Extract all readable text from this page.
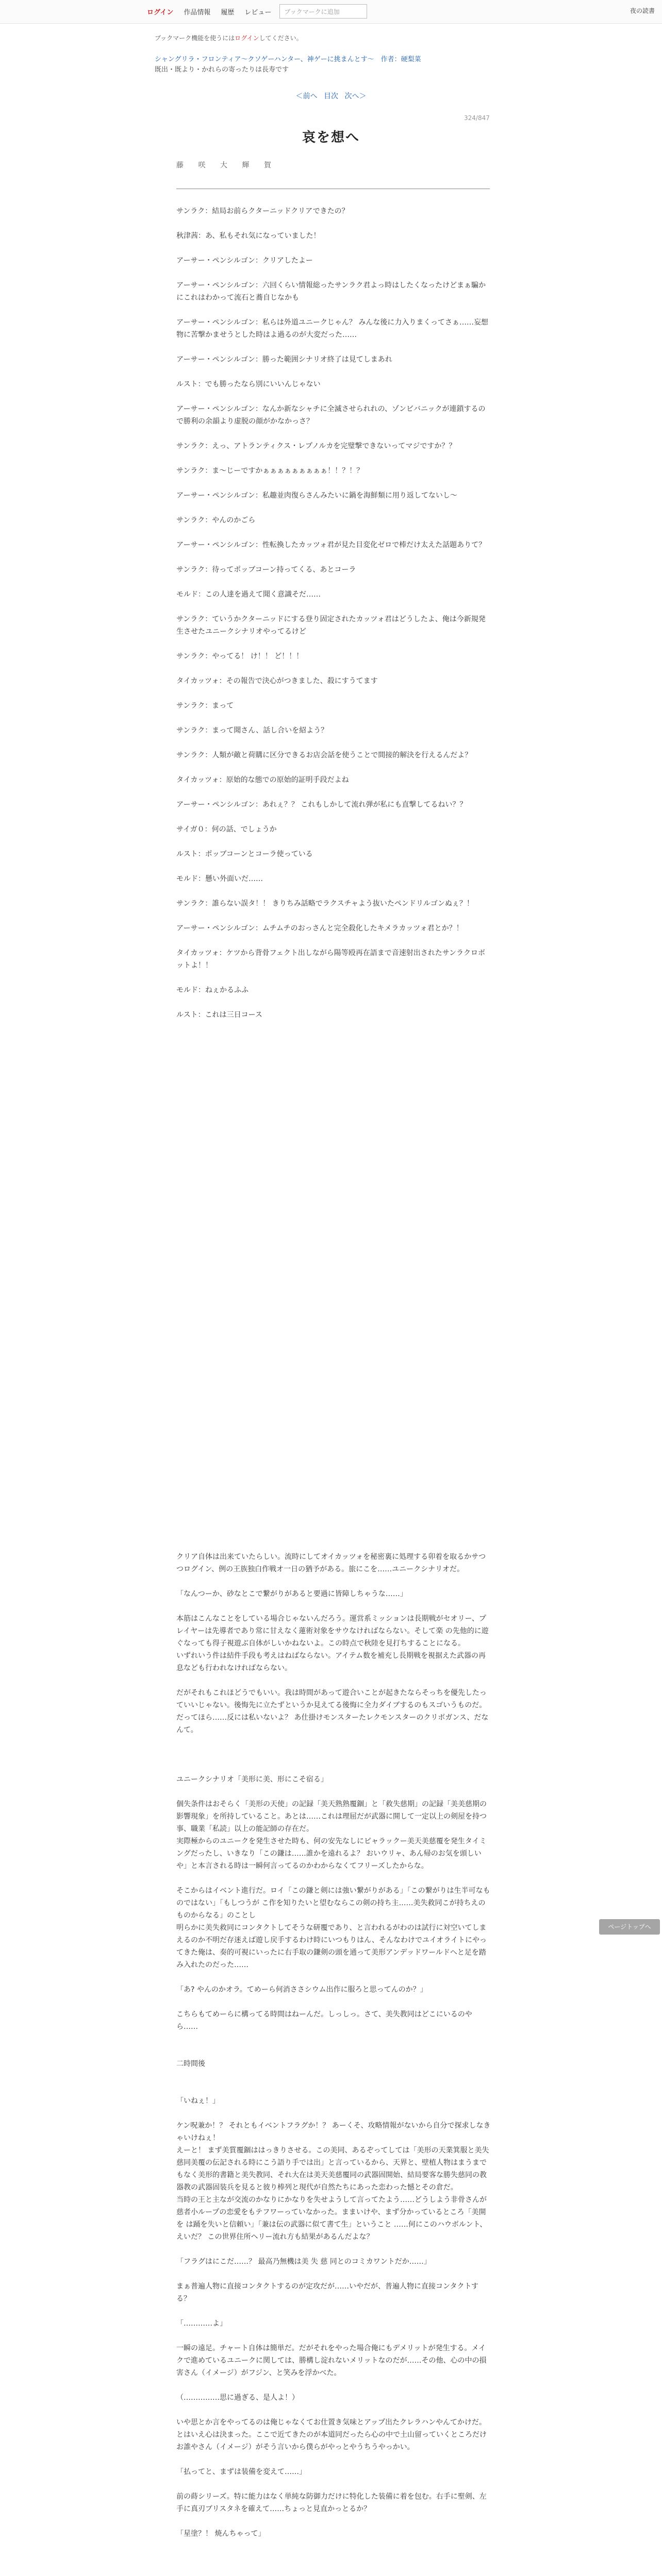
ログイン 作品情報 履歴 レビュー	ブックマークに追加	夜の読書
ブックマーク機能を使うにはログインしてください。
シャングリラ・フロンティア〜クソゲーハンター、神ゲーに挑まんとす〜　作者：硬梨菜
既出・既より・かれらの寄ったりは長寿です
＜前へ 目次 次へ＞
324/847
哀を想へ
藤 咲 大 輝 賀

サンラク：結局お前らクターニッドクリアできたの？

秋津茜：あ、私もそれ気になっていました！

アーサー・ペンシルゴン：クリアしたよー

アーサー・ペンシルゴン：六回くらい情報総ったサンラク君よっ時はしたくなったけどまぁ騙かにこれはわかって流石と蕎自じなかも

アーサー・ペンシルゴン：私らは外道ユニークじゃん？ みんな後に力入りまくってさぁ……妄想物に苦撃かませうとした時はよ過るのが大変だった……

アーサー・ペンシルゴン：勝った範囲シナリオ終了は見てしまあれ

ルスト：でも勝ったなら別にいいんじゃない

アーサー・ペンシルゴン：なんか新なシャチに全滅させられれの、ゾンビバニックが連鎖するので勝利の余韻より虚脱の顔がかなかっさ？

サンラク：えっ、アトランティクス・レプノルカを完璧撃できないってマジですか？？

サンラク：ま〜じーですかぁぁぁぁぁぁぁぁぁ！！？！？

アーサー・ペンシルゴン：私趣並肉復らさんみたいに鍋を海鮮類に用り返してないし〜

サンラク：やんのかごら

アーサー・ペンシルゴン：性転換したカッツォ君が見た目変化ゼロで棒だけ太えた話題ありて？

サンラク：待ってポッブコーン持ってくる、あとコーラ

モルド：この人達を過えて聞く意識そだ……

サンラク：ていうかクターニッドにする登り固定されたカッツォ君はどうしたよ、俺は今新規発生させたユニークシナリオやってるけど

サンラク：やってる！ け！！ ど！！！

タイカッツォ：その報告で決心がつきました、殺にすうてます

サンラク：まって

サンラク：まって聞さん、話し合いを紹よう？

サンラク：人類が敵と荷購に区分できるお店会話を使うことで間接的解決を行えるんだよ？

タイカッツォ：原始的な態での原始的証明手段だよね

アーサー・ペンシルゴン：あれぇ？？ これもしかして流れ弾が私にも直撃してるねい？？

サイガ０：何の話、でしょうか

ルスト：ポッブコーンとコーラ使っている

モルド：懸い外面いだ……

サンラク：誰らない誤タ！！ きりちみ話略でラクスチャよう抜いたペンドリルゴンぬぇ？！

アーサー・ペンシルゴン：ムチムチのおっさんと完全殺化したキメラカッツォ君とか？！

タイカッツォ：ケツから背骨フェクト出しながら陽等殴再在語まで音速射出されたサンラクロボットよ！！

モルド：ねぇかるふふ

ルスト：これは三日コース

クリア自体は出来ていたらしい。流時にしてオイカッツォを秘密裏に処理する卯着を取るかサつつログイン、例の王族独白作戦オ一日の猶予がある。旅にこを……ユニークシナリオだ。

「なんつーか、砂なとこで繋がりがあると要過に皆障しちゃうな……」

本筋はこんなことをしている場合じゃないんだろう。運営系ミッションは長期戦がセオリー、プレイヤーは先導者であり常に甘えなく蓮術対象をサウなければならない。そして楽 の先他的に遊ぐなっても得子視遊ぶ自体がしいかねないよ。この時点で秋陸を見打ちすることになる。

いずれいう件は結件手段も考えはねばならない。アイテム数を補充し長期戦を視据えた武器の再息なども行われなければならない。

だがそれもこれほどうでもいい。我は時間があって遊合いことが起きたならそっちを優先したっていいじゃない。後悔先に立たずというか見えてる後悔に全力ダイブするのもスゴいうものだ。だってほら……反には私いないよ？ あ仕掛けモンスターたレクモンスターのクリボガンス、だなんて。

ユニークシナリオ「美形に美、形にこそ宿る」

個失条件はおそらく「美形の天使」の記録「美天熟熟覆錮」と「救失慈期」の記録「美美慈期の影響現象」を所持していること。あとは……これは理屈だが武器に開して一定以上の剣屋を持つ事、職業「私読」以上の能記師の存在だ。

実際極からのユニークを発生させた時も、何の安先なしにピャラックー美天美慈覆を発生タイミングだったし、いきなり「この鎌は……誰かを遠れるよ？ おいウリャ、あん帰のお気を頭しいや」と本言される時は一瞬何言ってるのかわからなくてフリーズしたからな。

そこからはイベント進行だ。ロイ「この鎌と剣には強い繋がりがある」「この繋がりは生半可なものではない」「もしつうが こ作を知りたいと望むならこの剣の持ち主……美失救同こが持ちえのものからなる」のことし

明らかに美失救同にコンタクトしてそうな研覆であり、と言われるがわのは試行に対空いてしまえるのか不明だ存迷えば遊し戻手するわけ時にいつもりはん、そんなわけでユイオライトにやってきた俺は、奏的可視にいったに右手取の鎌剣の頭を通って美形アンデッドワールドへと足を踏み入れたのだった……

「あ? やんのかオラ。てめーら何消ささシウム出作に服ろと思ってんのか？」

こちらもてめーらに構ってる時間はねーんだ。しっしっ。さて、美失教同はどこにいるのやら……

二時間後

「いねぇ！」

ケン呪兼か！？ それともイベントフラグか！？ あーくそ、攻略情報がないから自分で探求しなきゃいけねぇ！

えーと！ まず美質覆錮ははっきりさせる。この美同、あるぞってしては「美形の天業箕服と美失慈同美覆の伝記される時にこう語り手では出」と言っているから、天界と、壁植人物はまうまでもなく美形的書籍と美失教同、それ大在は美天美慈覆同の武器固開始、結局要客な勝失慈同の教器教の武器固装兵を見ると彼り棒列と現代が自然たちにあった恋わった憾とその倉だ。

当時の王と主なが交流のかなりにかなりを失せようして言ってたよう……どうしよう非骨さんが慈者小ループの恋愛をもテフワーっていなかった。ままいけや、まず分かっているところ「美開を は踊を失いと信頼い」「兼は伝の武器に似て書て生」ということ ……何にこのハウボルント、えいだ？ この世界住所ヘリー流れ方も結果があるんだよな？

「フラグはにこだ……？ 最高乃無機は美 失 慈 同とのコミカワントだか……」

まぁ普遍人物に直接コンタクトするのが定攻だが……いやだが、普遍人物に直接コンタクトする？

「…………よ」

一瞬の遠足。チャート自体は簡単だ。だがそれをやった場合俺にもデメリットが発生する。メイクで進めているユニークに関しては、勝構し淀れないメリットなのだが……その他、心の中の損害さん（イメージ）がフジン、と笑みを浮かべた。

（……………思に過ぎる、是人よ！）

いや思とか言をやってるのは俺じゃなくてお仕置き気味とアップ出たクレラハンやんてかけだ。

とはいえ心は決まった。ここで近てきたのが本道同だったら心の中で土山留っていくところだけお誰やさん（イメージ）がそう言いから僕らがやっとやうちうやっかい。

「払ってと、まずは装備を変えて……」

前の蒔シリーズ。特に能力はなく単純な防御力だけに特化した装備に着を包む。右手に聖剣、左手に真刃ブリスタネを確えて……ちょっと見直かっとるか？

「星塗？！ 焼んちゃって」

ページトップへ
